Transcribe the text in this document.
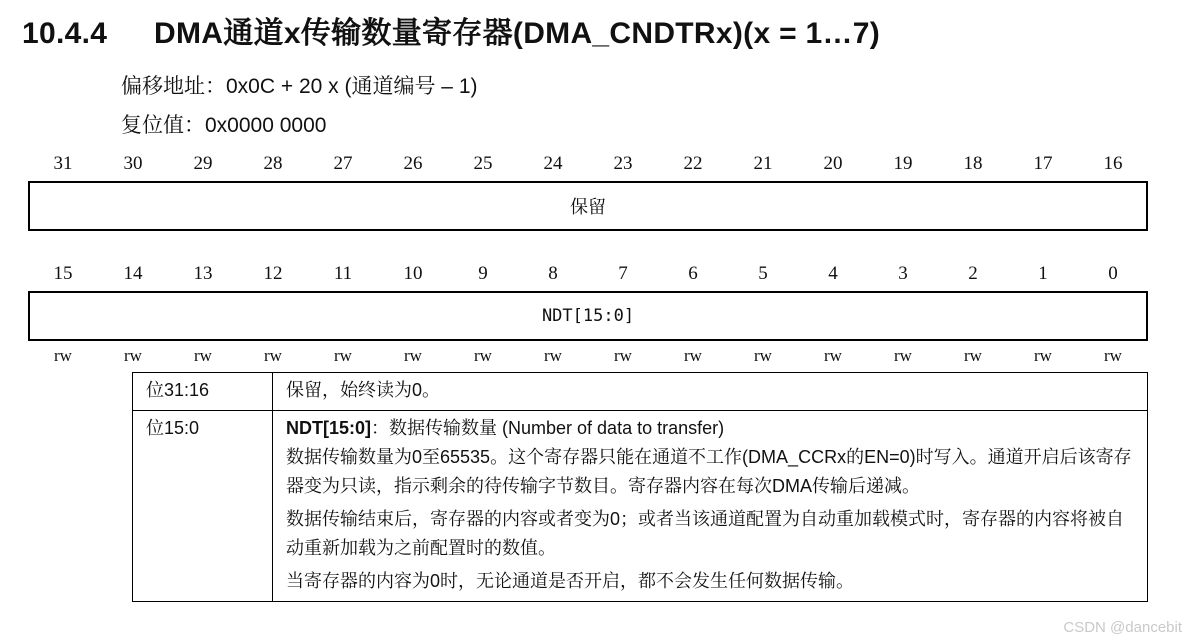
10.4.4 DMA通道x传输数量寄存器(DMA_CNDTRx)(x = 1…7)
偏移地址：0x0C + 20 x (通道编号 – 1)
复位值：0x0000 0000
31	30	29	28	27	26	25	24	23	22	21	20	19	18	17	16
保留
15	14	13	12	11	10	9	8	7	6	5	4	3	2	1	0
NDT[15:0]
rw	rw	rw	rw	rw	rw	rw	rw	rw	rw	rw	rw	rw	rw	rw	rw
位31:16	保留，始终读为0。
位15:0	NDT[15:0]：数据传输数量 (Number of data to transfer)

数据传输数量为0至65535。这个寄存器只能在通道不工作(DMA_CCRx的EN=0)时写入。通道开启后该寄存器变为只读，指示剩余的待传输字节数目。寄存器内容在每次DMA传输后递减。

数据传输结束后，寄存器的内容或者变为0；或者当该通道配置为自动重加载模式时，寄存器的内容将被自动重新加载为之前配置时的数值。

当寄存器的内容为0时，无论通道是否开启，都不会发生任何数据传输。

CSDN @dancebit
